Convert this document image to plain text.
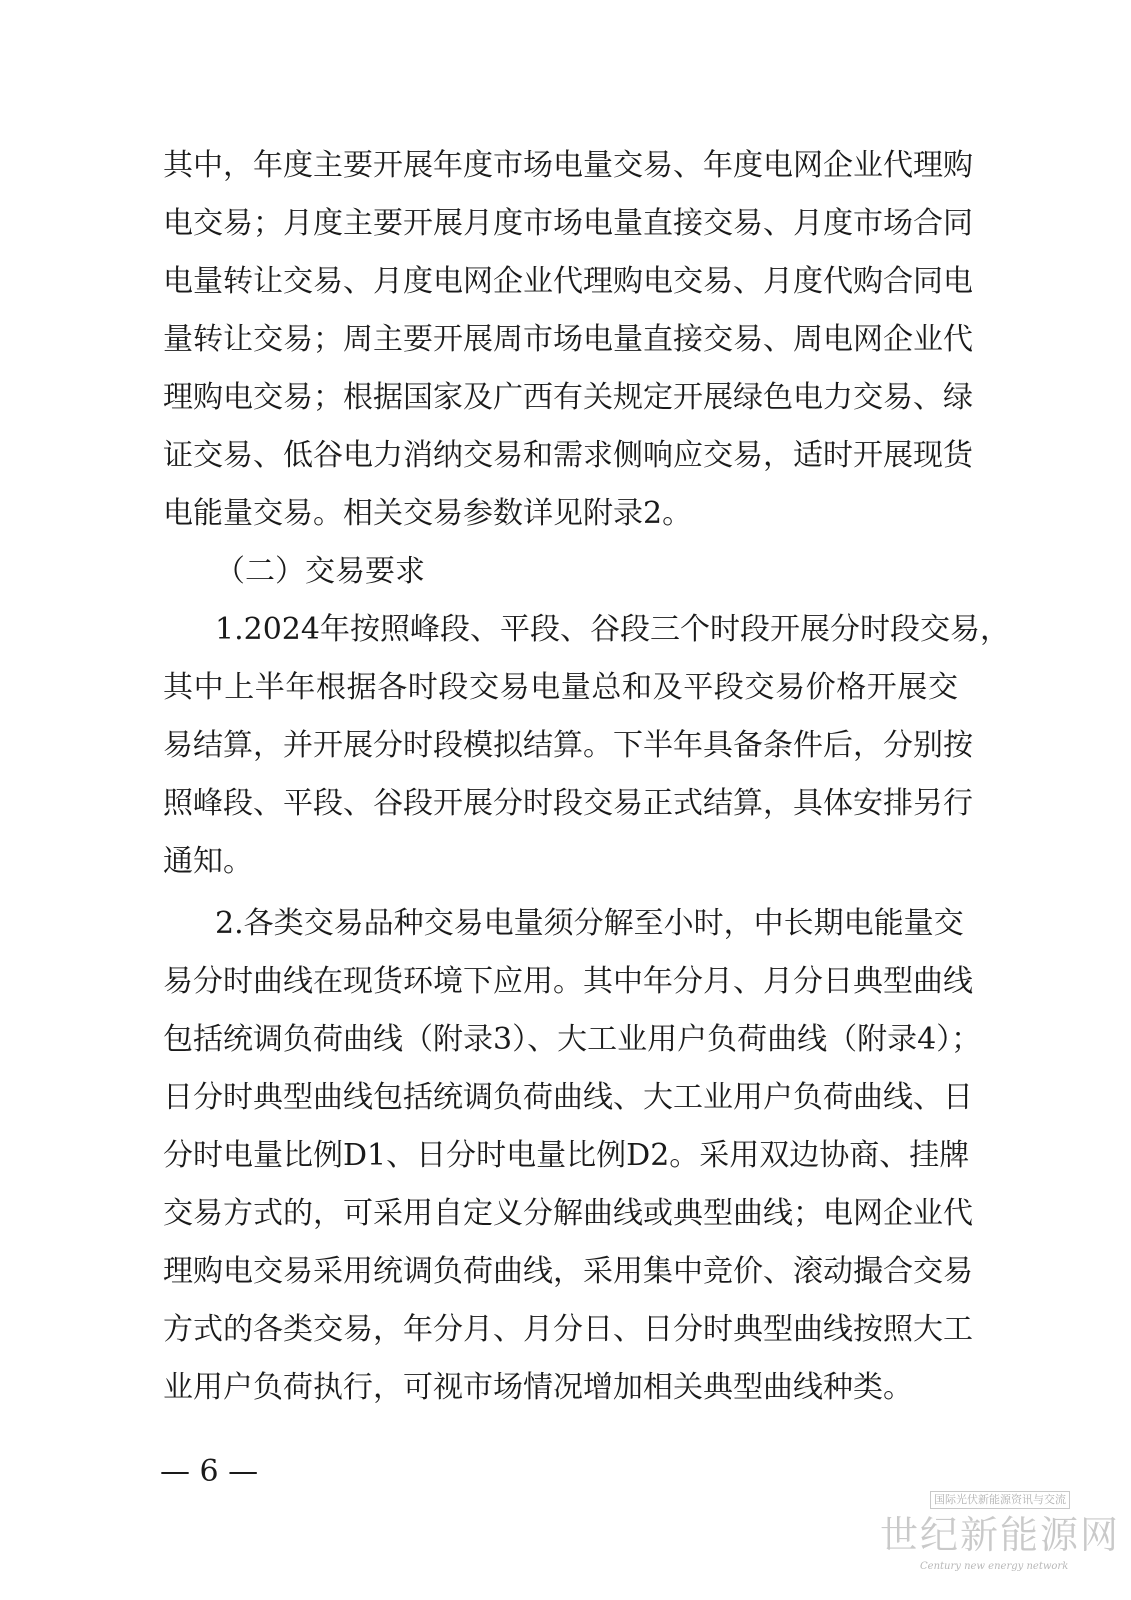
其中，年度主要开展年度市场电量交易、年度电网企业代理购
电交易；月度主要开展月度市场电量直接交易、月度市场合同
电量转让交易、月度电网企业代理购电交易、月度代购合同电
量转让交易；周主要开展周市场电量直接交易、周电网企业代
理购电交易；根据国家及广西有关规定开展绿色电力交易、绿
证交易、低谷电力消纳交易和需求侧响应交易，适时开展现货
电能量交易。相关交易参数详见附录2。
（二）交易要求
1.2024年按照峰段、平段、谷段三个时段开展分时段交易，
其中上半年根据各时段交易电量总和及平段交易价格开展交
易结算，并开展分时段模拟结算。下半年具备条件后，分别按
照峰段、平段、谷段开展分时段交易正式结算，具体安排另行
通知。
2.各类交易品种交易电量须分解至小时，中长期电能量交
易分时曲线在现货环境下应用。其中年分月、月分日典型曲线
包括统调负荷曲线（附录3）、大工业用户负荷曲线（附录4）；
日分时典型曲线包括统调负荷曲线、大工业用户负荷曲线、日
分时电量比例D1、日分时电量比例D2。采用双边协商、挂牌
交易方式的，可采用自定义分解曲线或典型曲线；电网企业代
理购电交易采用统调负荷曲线，采用集中竞价、滚动撮合交易
方式的各类交易，年分月、月分日、日分时典型曲线按照大工
业用户负荷执行，可视市场情况增加相关典型曲线种类。
— 6 —
国际光伏新能源资讯与交流
世纪新能源网
Century new energy network
